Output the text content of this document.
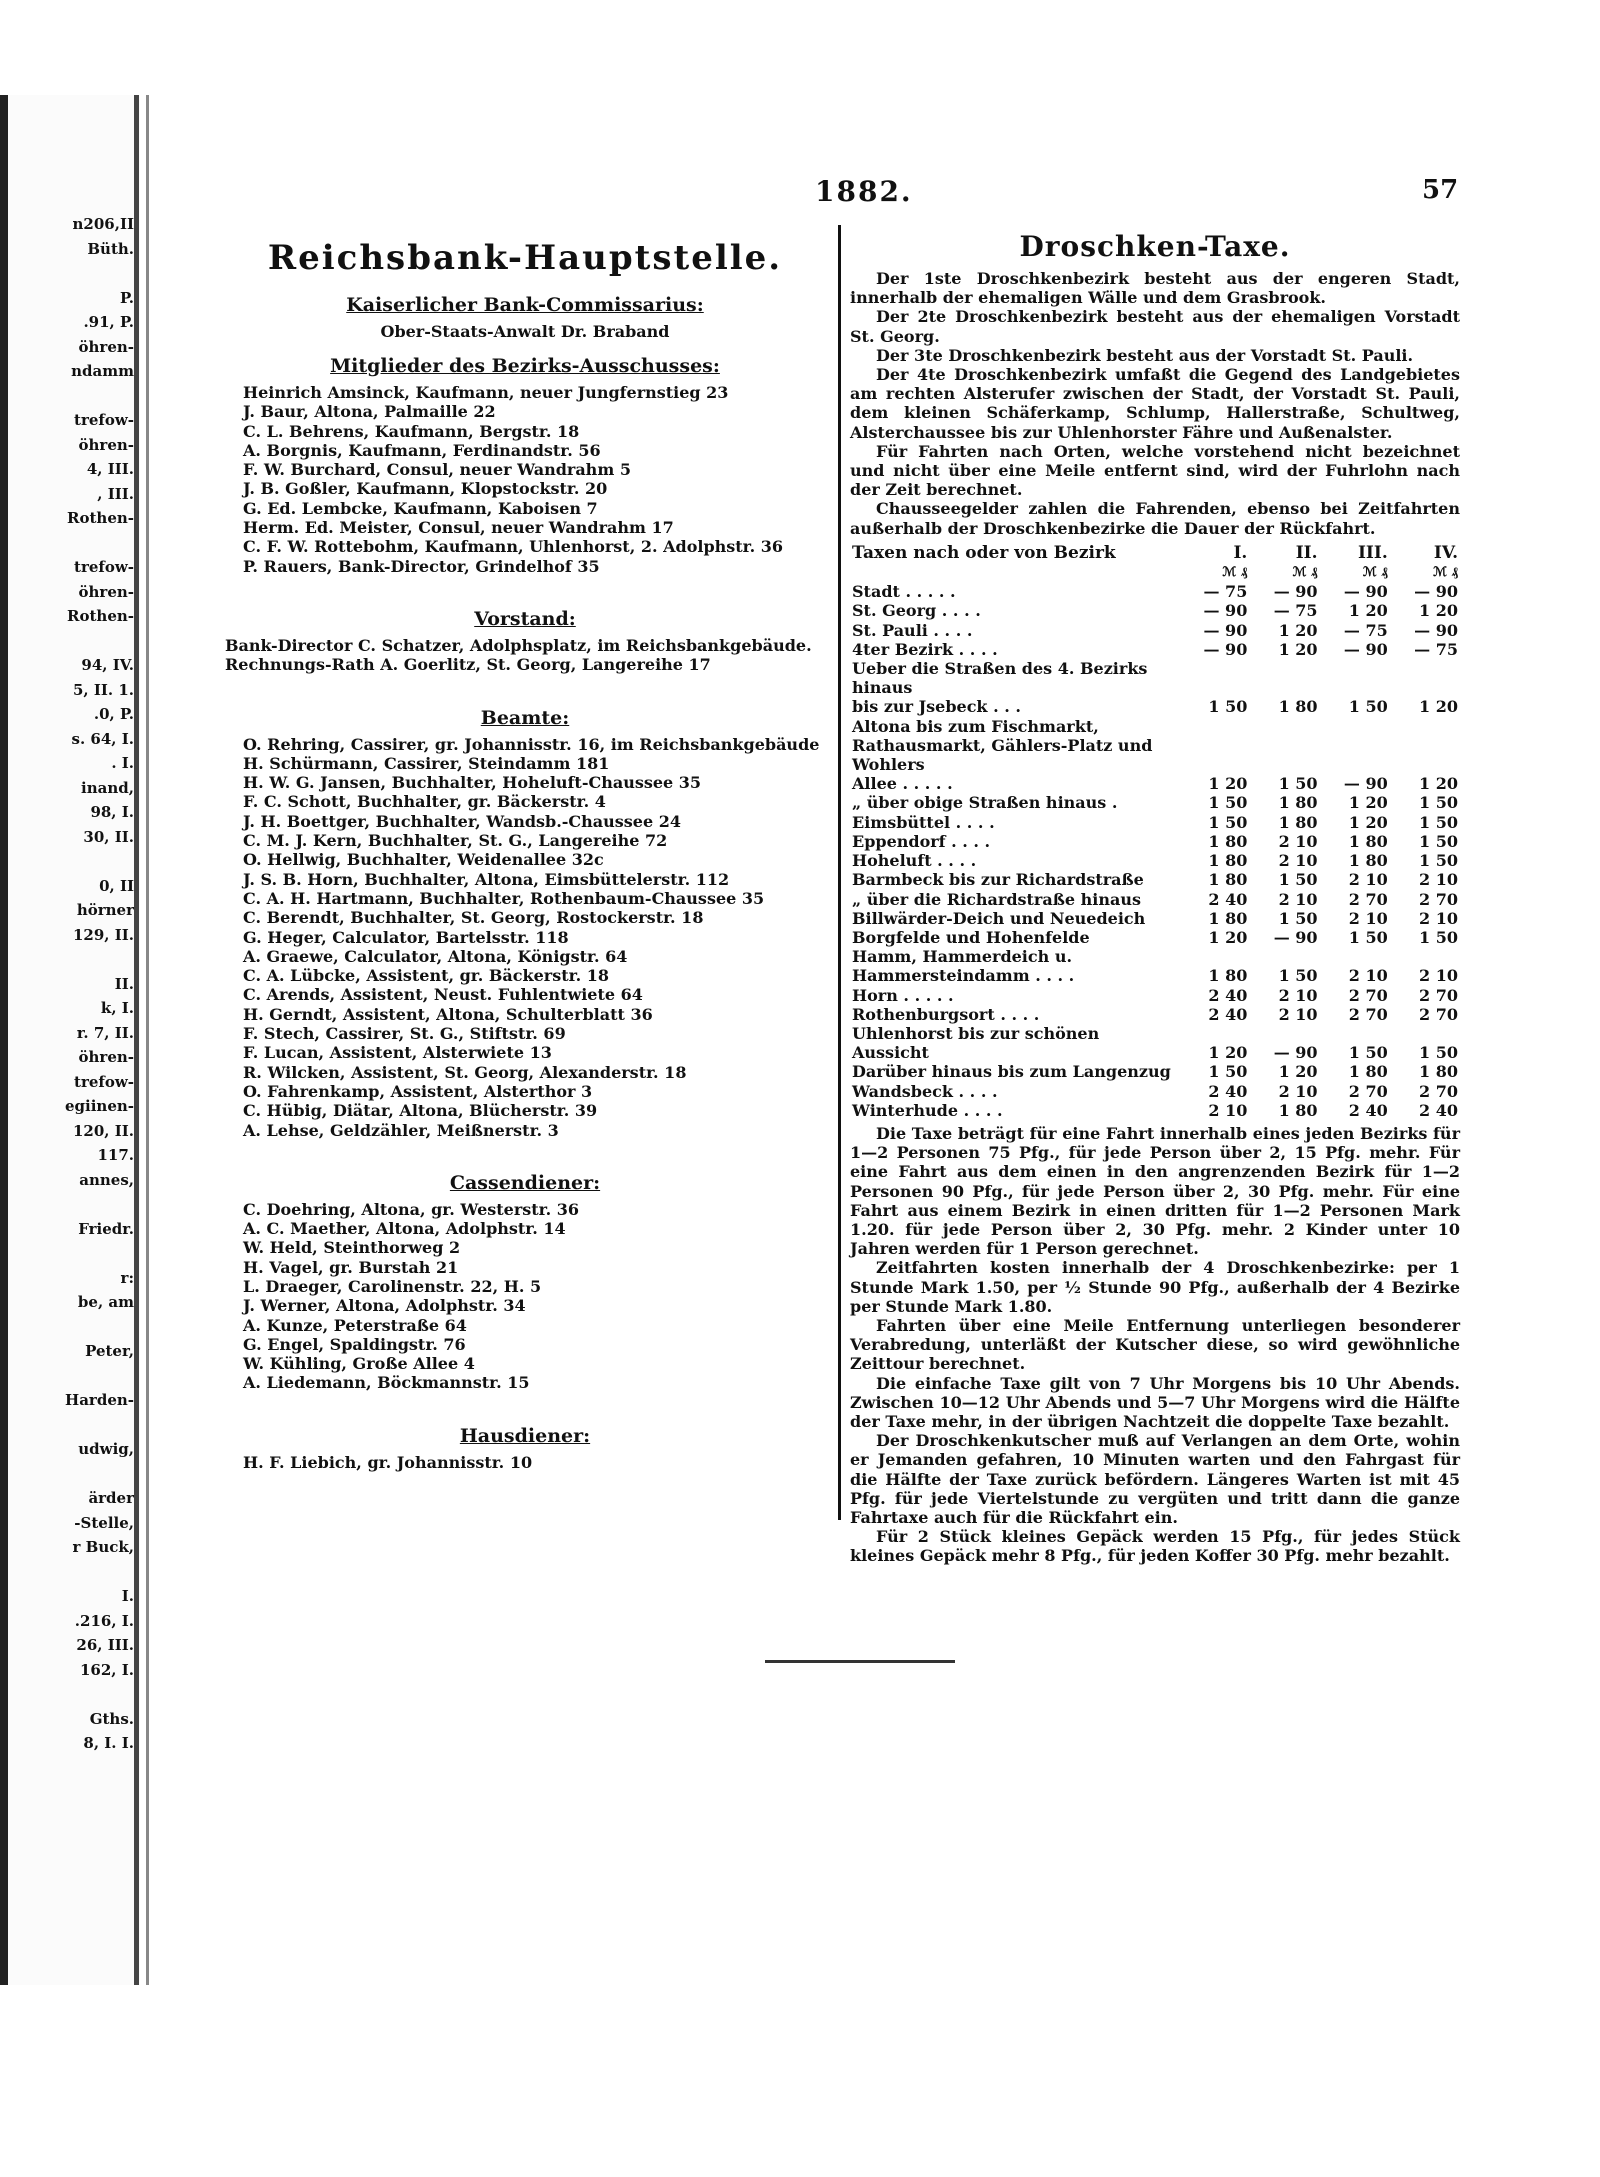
n206,II
Büth.
P.
.91, P.
öhren-
ndamm
trefow-
öhren-
4, III.
, III.
Rothen-
trefow-
öhren-
Rothen-
94, IV.
5, II. 1.
.0, P.
s. 64, I.
. I.
inand,
98, I.
30, II.
0, II
hörner
129, II.
II.
k, I.
r. 7, II.
öhren-
trefow-
egiinen-
120, II.
117.
annes,
Friedr.
r:
be, am
Peter,
Harden-
udwig,
ärder
-Stelle,
r Buck,
I.
.216, I.
26, III.
162, I.
Gths.
8, I. I.
1882.	57
Reichsbank-Hauptstelle.
Kaiserlicher Bank-Commissarius:
Ober-Staats-Anwalt Dr. Braband
Mitglieder des Bezirks-Ausschusses:
Heinrich Amsinck, Kaufmann, neuer Jungfernstieg 23
J. Baur, Altona, Palmaille 22
C. L. Behrens, Kaufmann, Bergstr. 18
A. Borgnis, Kaufmann, Ferdinandstr. 56
F. W. Burchard, Consul, neuer Wandrahm 5
J. B. Goßler, Kaufmann, Klopstockstr. 20
G. Ed. Lembcke, Kaufmann, Kaboisen 7
Herm. Ed. Meister, Consul, neuer Wandrahm 17
C. F. W. Rottebohm, Kaufmann, Uhlenhorst, 2. Adolphstr. 36
P. Rauers, Bank-Director, Grindelhof 35
Vorstand:
Bank-Director C. Schatzer, Adolphsplatz, im Reichsbankgebäude.
Rechnungs-Rath A. Goerlitz, St. Georg, Langereihe 17
Beamte:
O. Rehring, Cassirer, gr. Johannisstr. 16, im Reichsbankgebäude
H. Schürmann, Cassirer, Steindamm 181
H. W. G. Jansen, Buchhalter, Hoheluft-Chaussee 35
F. C. Schott, Buchhalter, gr. Bäckerstr. 4
J. H. Boettger, Buchhalter, Wandsb.-Chaussee 24
C. M. J. Kern, Buchhalter, St. G., Langereihe 72
O. Hellwig, Buchhalter, Weidenallee 32c
J. S. B. Horn, Buchhalter, Altona, Eimsbüttelerstr. 112
C. A. H. Hartmann, Buchhalter, Rothenbaum-Chaussee 35
C. Berendt, Buchhalter, St. Georg, Rostockerstr. 18
G. Heger, Calculator, Bartelsstr. 118
A. Graewe, Calculator, Altona, Königstr. 64
C. A. Lübcke, Assistent, gr. Bäckerstr. 18
C. Arends, Assistent, Neust. Fuhlentwiete 64
H. Gerndt, Assistent, Altona, Schulterblatt 36
F. Stech, Cassirer, St. G., Stiftstr. 69
F. Lucan, Assistent, Alsterwiete 13
R. Wilcken, Assistent, St. Georg, Alexanderstr. 18
O. Fahrenkamp, Assistent, Alsterthor 3
C. Hübig, Diätar, Altona, Blücherstr. 39
A. Lehse, Geldzähler, Meißnerstr. 3
Cassendiener:
C. Doehring, Altona, gr. Westerstr. 36
A. C. Maether, Altona, Adolphstr. 14
W. Held, Steinthorweg 2
H. Vagel, gr. Burstah 21
L. Draeger, Carolinenstr. 22, H. 5
J. Werner, Altona, Adolphstr. 34
A. Kunze, Peterstraße 64
G. Engel, Spaldingstr. 76
W. Kühling, Große Allee 4
A. Liedemann, Böckmannstr. 15
Hausdiener:
H. F. Liebich, gr. Johannisstr. 10
Droschken-Taxe.

Der 1ste Droschkenbezirk besteht aus der engeren Stadt, innerhalb der ehemaligen Wälle und dem Grasbrook.

Der 2te Droschkenbezirk besteht aus der ehemaligen Vorstadt St. Georg.

Der 3te Droschkenbezirk besteht aus der Vorstadt St. Pauli.

Der 4te Droschkenbezirk umfaßt die Gegend des Landgebietes am rechten Alsterufer zwischen der Stadt, der Vorstadt St. Pauli, dem kleinen Schäferkamp, Schlump, Hallerstraße, Schultweg, Alsterchaussee bis zur Uhlenhorster Fähre und Außenalster.

Für Fahrten nach Orten, welche vorstehend nicht bezeichnet und nicht über eine Meile entfernt sind, wird der Fuhrlohn nach der Zeit berechnet.

Chausseegelder zahlen die Fahrenden, ebenso bei Zeitfahrten außerhalb der Droschkenbezirke die Dauer der Rückfahrt.

Taxen nach oder von Bezirk	I.	II.	III.	IV.
	ℳ ₰	ℳ ₰	ℳ ₰	ℳ ₰
Stadt . . . . .	— 75	— 90	— 90	— 90
St. Georg . . . .	— 90	— 75	1 20	1 20
St. Pauli . . . .	— 90	1 20	— 75	— 90
4ter Bezirk . . . .	— 90	1 20	— 90	— 75
Ueber die Straßen des 4. Bezirks hinaus				
bis zur Jsebeck . . .	1 50	1 80	1 50	1 20
Altona bis zum Fischmarkt, Rathausmarkt, Gählers-Platz und Wohlers				
Allee . . . . .	1 20	1 50	— 90	1 20
„ über obige Straßen hinaus .	1 50	1 80	1 20	1 50
Eimsbüttel . . . .	1 50	1 80	1 20	1 50
Eppendorf . . . .	1 80	2 10	1 80	1 50
Hoheluft . . . .	1 80	2 10	1 80	1 50
Barmbeck bis zur Richardstraße	1 80	1 50	2 10	2 10
„ über die Richardstraße hinaus	2 40	2 10	2 70	2 70
Billwärder-Deich und Neuedeich	1 80	1 50	2 10	2 10
Borgfelde und Hohenfelde	1 20	— 90	1 50	1 50
Hamm, Hammerdeich u. Hammersteindamm . . . .	1 80	1 50	2 10	2 10
Horn . . . . .	2 40	2 10	2 70	2 70
Rothenburgsort . . . .	2 40	2 10	2 70	2 70
Uhlenhorst bis zur schönen Aussicht	1 20	— 90	1 50	1 50
Darüber hinaus bis zum Langenzug	1 50	1 20	1 80	1 80
Wandsbeck . . . .	2 40	2 10	2 70	2 70
Winterhude . . . .	2 10	1 80	2 40	2 40

Die Taxe beträgt für eine Fahrt innerhalb eines jeden Bezirks für 1—2 Personen 75 Pfg., für jede Person über 2, 15 Pfg. mehr. Für eine Fahrt aus dem einen in den angrenzenden Bezirk für 1—2 Personen 90 Pfg., für jede Person über 2, 30 Pfg. mehr. Für eine Fahrt aus einem Bezirk in einen dritten für 1—2 Personen Mark 1.20. für jede Person über 2, 30 Pfg. mehr. 2 Kinder unter 10 Jahren werden für 1 Person gerechnet.

Zeitfahrten kosten innerhalb der 4 Droschkenbezirke: per 1 Stunde Mark 1.50, per ½ Stunde 90 Pfg., außerhalb der 4 Bezirke per Stunde Mark 1.80.

Fahrten über eine Meile Entfernung unterliegen besonderer Verabredung, unterläßt der Kutscher diese, so wird gewöhnliche Zeittour berechnet.

Die einfache Taxe gilt von 7 Uhr Morgens bis 10 Uhr Abends. Zwischen 10—12 Uhr Abends und 5—7 Uhr Morgens wird die Hälfte der Taxe mehr, in der übrigen Nachtzeit die doppelte Taxe bezahlt.

Der Droschkenkutscher muß auf Verlangen an dem Orte, wohin er Jemanden gefahren, 10 Minuten warten und den Fahrgast für die Hälfte der Taxe zurück befördern. Längeres Warten ist mit 45 Pfg. für jede Viertelstunde zu vergüten und tritt dann die ganze Fahrtaxe auch für die Rückfahrt ein.

Für 2 Stück kleines Gepäck werden 15 Pfg., für jedes Stück kleines Gepäck mehr 8 Pfg., für jeden Koffer 30 Pfg. mehr bezahlt.
